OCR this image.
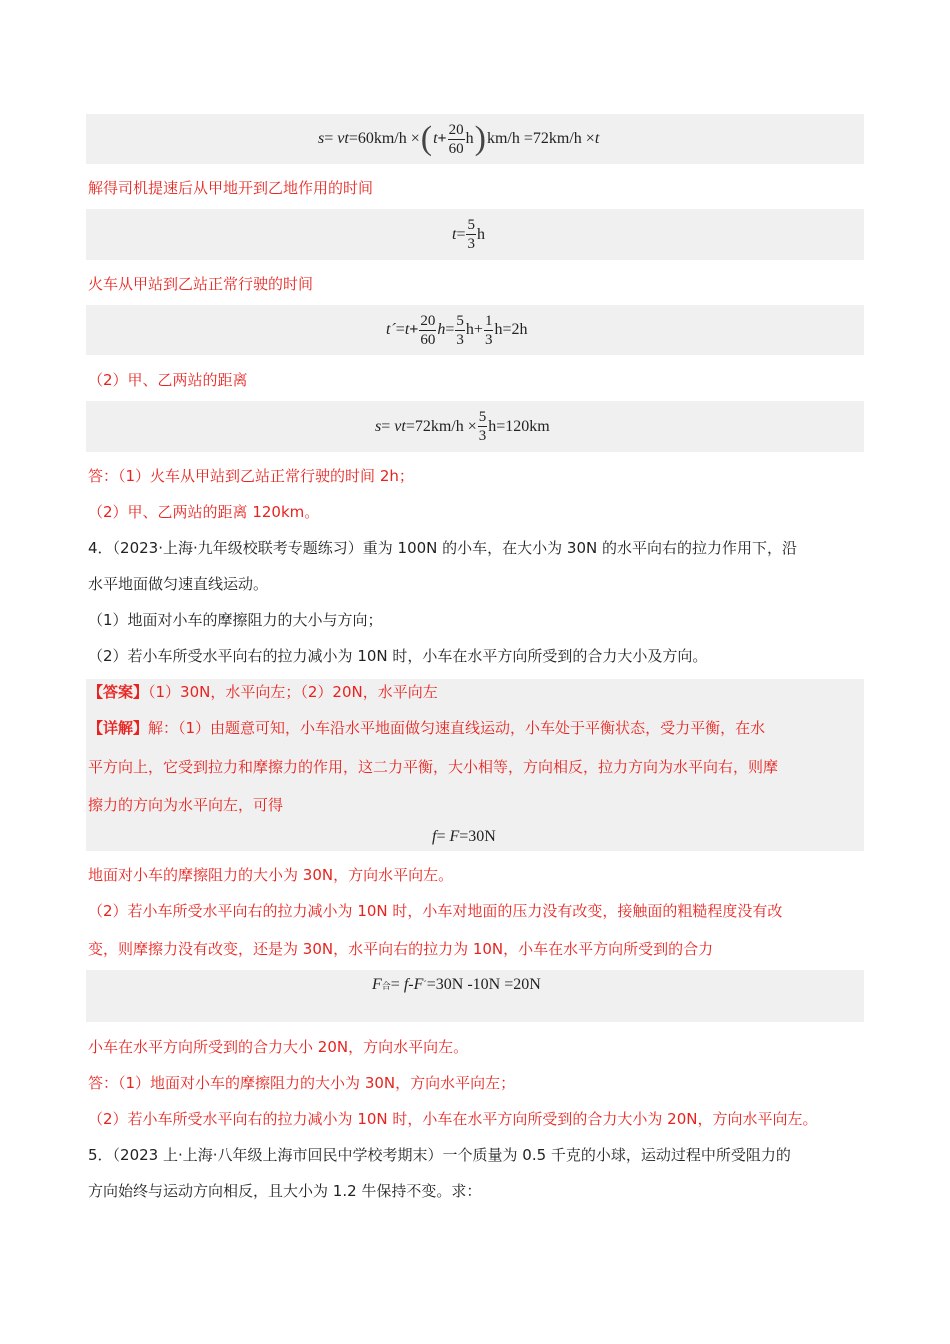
s = vt =60km/h × ( $t + \frac{20}{60}$ h ) km/h =72km/h × t
解得司机提速后从甲地开到乙地作用的时间
$t = \frac{5}{3}$ h
火车从甲站到乙站正常行驶的时间
t´ = $t + \frac{20}{60}$ $h = \frac{5}{3} h+ \frac{1}{3} h=2h$
（2）甲、乙两站的距离
s = vt $=72km/h \times \frac{5}{3} h=120km$
答：（1）火车从甲站到乙站正常行驶的时间 2h；
（2）甲、乙两站的距离 120km。
4．（2023·上海·九年级校联考专题练习）重为 100N 的小车，在大小为 30N 的水平向右的拉力作用下，沿
水平地面做匀速直线运动。
（1）地面对小车的摩擦阻力的大小与方向；
（2）若小车所受水平向右的拉力减小为 10N 时，小车在水平方向所受到的合力大小及方向。
【答案】（1）30N，水平向左；（2）20N，水平向左
【详解】解：（1）由题意可知，小车沿水平地面做匀速直线运动，小车处于平衡状态，受力平衡，在水
平方向上，它受到拉力和摩擦力的作用，这二力平衡，大小相等，方向相反，拉力方向为水平向右，则摩
擦力的方向为水平向左，可得
f = F =30N
地面对小车的摩擦阻力的大小为 30N，方向水平向左。
（2）若小车所受水平向右的拉力减小为 10N 时，小车对地面的压力没有改变，接触面的粗糙程度没有改
变，则摩擦力没有改变，还是为 30N，水平向右的拉力为 10N，小车在水平方向所受到的合力
F 合 = f - F ´ =30N -10N =20N
小车在水平方向所受到的合力大小 20N，方向水平向左。
答：（1）地面对小车的摩擦阻力的大小为 30N，方向水平向左；
（2）若小车所受水平向右的拉力减小为 10N 时，小车在水平方向所受到的合力大小为 20N，方向水平向左。
5．（2023 上·上海·八年级上海市回民中学校考期末）一个质量为 0.5 千克的小球，运动过程中所受阻力的
方向始终与运动方向相反，且大小为 1.2 牛保持不变。求：
